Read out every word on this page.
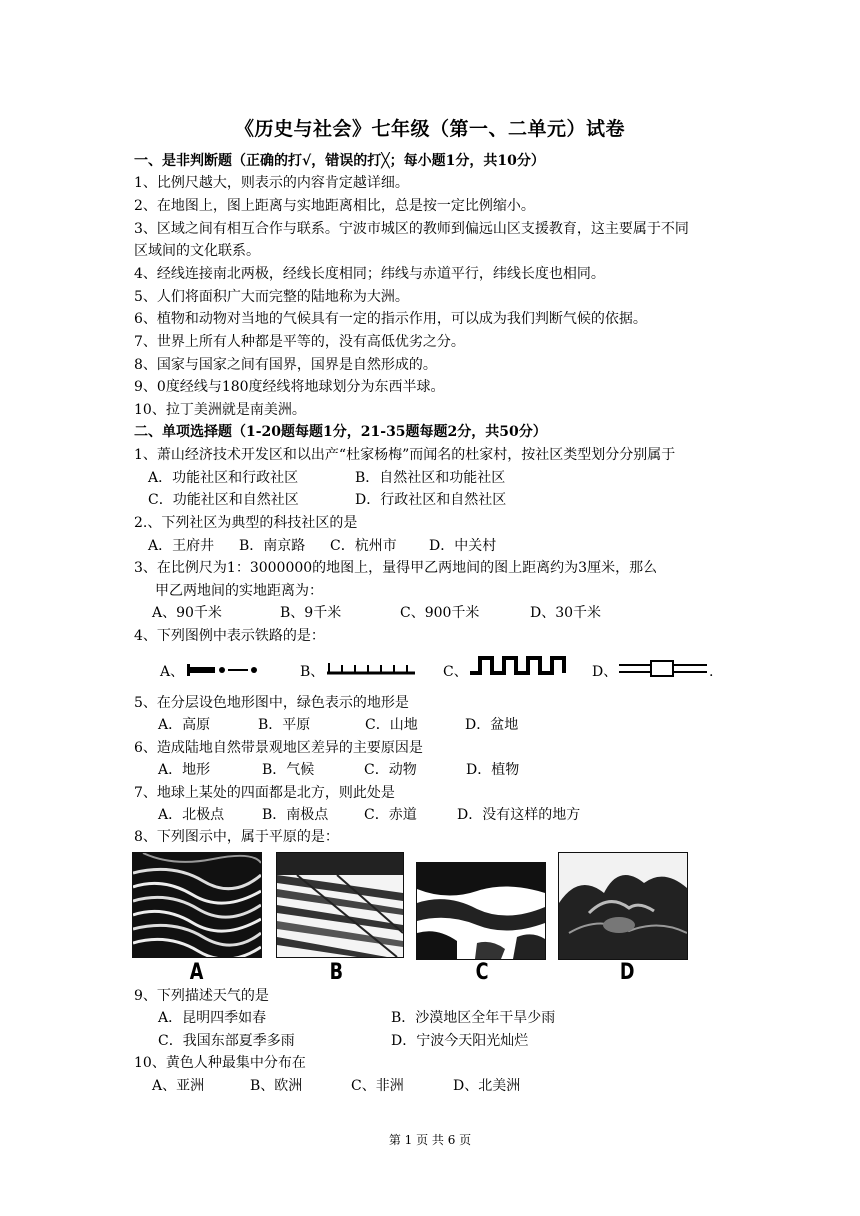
《历史与社会》七年级（第一、二单元）试卷
一、是非判断题（正确的打√，错误的打╳；每小题1分，共10分）
1、比例尺越大，则表示的内容肯定越详细。
2、在地图上，图上距离与实地距离相比，总是按一定比例缩小。
3、区域之间有相互合作与联系。宁波市城区的教师到偏远山区支援教育，这主要属于不同
区域间的文化联系。
4、经线连接南北两极，经线长度相同；纬线与赤道平行，纬线长度也相同。
5、人们将面积广大而完整的陆地称为大洲。
6、植物和动物对当地的气候具有一定的指示作用，可以成为我们判断气候的依据。
7、世界上所有人种都是平等的，没有高低优劣之分。
8、国家与国家之间有国界，国界是自然形成的。
9、0度经线与180度经线将地球划分为东西半球。
10、拉丁美洲就是南美洲。
二、单项选择题（1-20题每题1分，21-35题每题2分，共50分）
1、萧山经济技术开发区和以出产“杜家杨梅”而闻名的杜家村，按社区类型划分分别属于
A．功能社区和行政社区	B．自然社区和功能社区
C．功能社区和自然社区	D．行政社区和自然社区
2.、下列社区为典型的科技社区的是
A．王府井 B．南京路 C．杭州市 D．中关村
3、在比例尺为1：3000000的地图上，量得甲乙两地间的图上距离约为3厘米，那么
甲乙两地间的实地距离为：
A、90千米	B、9千米	C、900千米	D、30千米
4、下列图例中表示铁路的是：
A、	B、	C、	D、	.
5、在分层设色地形图中，绿色表示的地形是
A．高原	B．平原	C．山地	D．盆地
6、造成陆地自然带景观地区差异的主要原因是
A．地形	B．气候	C．动物	D．植物
7、地球上某处的四面都是北方，则此处是
A．北极点	B．南极点	C．赤道	D．没有这样的地方
8、下列图示中，属于平原的是：
A	B	C	D
9、下列描述天气的是
A．昆明四季如春	B．沙漠地区全年干旱少雨
C．我国东部夏季多雨	D．宁波今天阳光灿烂
10、黄色人种最集中分布在
A、亚洲	B、欧洲	C、非洲	D、北美洲
第 1 页 共 6 页
